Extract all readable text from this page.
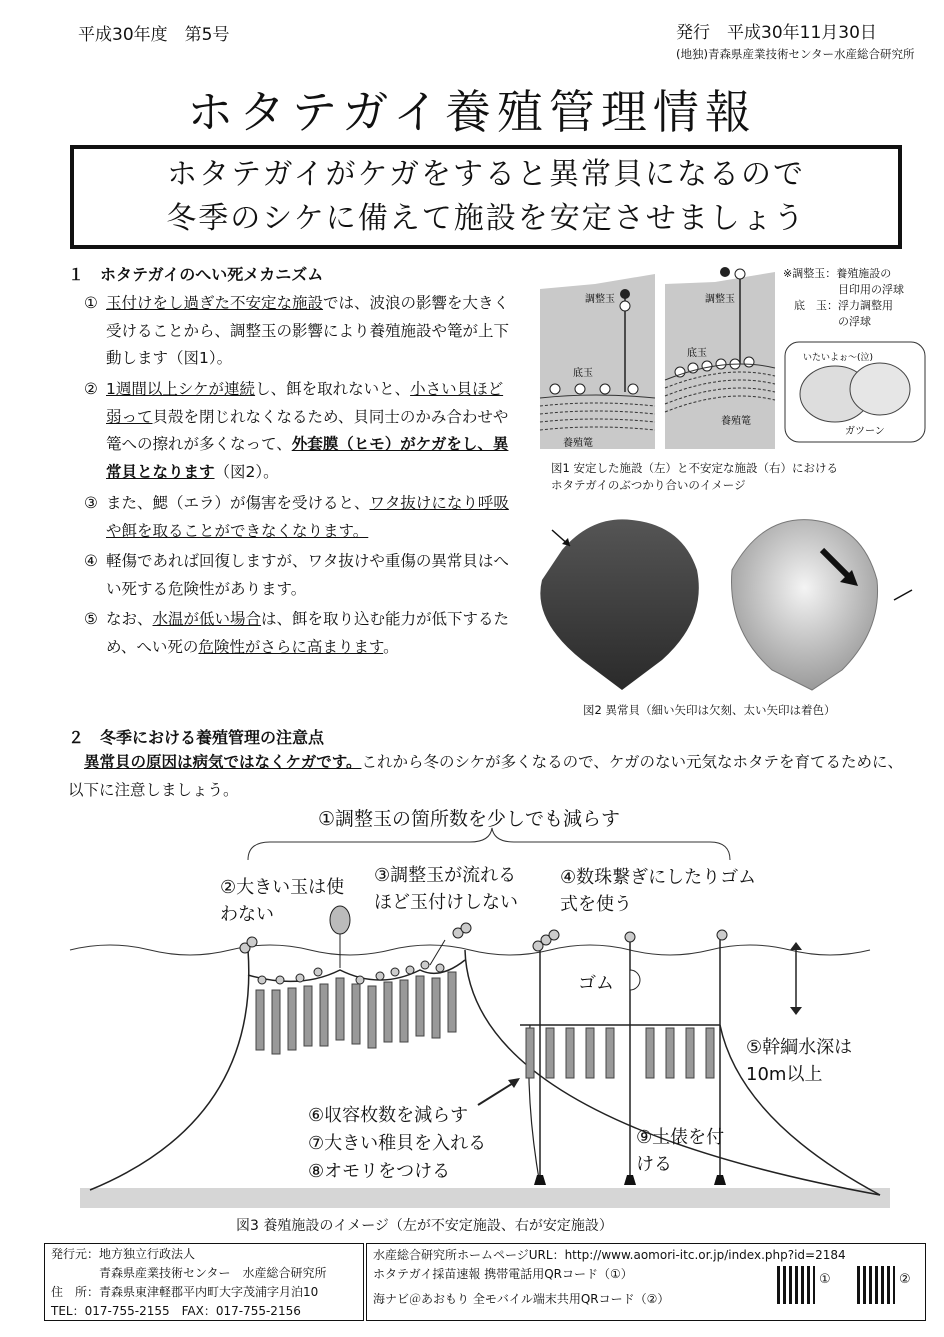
平成30年度　第5号	発行　平成30年11月30日
(地独)青森県産業技術センター水産総合研究所
ホタテガイ養殖管理情報
ホタテガイがケガをすると異常貝になるので
冬季のシケに備えて施設を安定させましょう
１　ホタテガイのへい死メカニズム
① 玉付けをし過ぎた不安定な施設では、波浪の影響を大きく受けることから、調整玉の影響により養殖施設や篭が上下動します（図1）。
② 1週間以上シケが連続し、餌を取れないと、小さい貝ほど弱って貝殻を閉じれなくなるため、貝同士のかみ合わせや篭への擦れが多くなって、外套膜（ヒモ）がケガをし、異常貝となります（図2）。
③ また、鰓（エラ）が傷害を受けると、ワタ抜けになり呼吸や餌を取ることができなくなります。
④ 軽傷であれば回復しますが、ワタ抜けや重傷の異常貝はへい死する危険性があります。
⑤ なお、水温が低い場合は、餌を取り込む能力が低下するため、へい死の危険性がさらに高まります。
調整玉
底玉
養殖篭
調整玉
底玉
養殖篭
いたいよぉ～(泣)
ガツーン
※調整玉：養殖施設の
　　　　　目印用の浮球
　底　玉：浮力調整用
　　　　　の浮球
図1 安定した施設（左）と不安定な施設（右）における
ホタテガイのぶつかり合いのイメージ
図2 異常貝（細い矢印は欠刻、太い矢印は着色）
２　冬季における養殖管理の注意点
異常貝の原因は病気ではなくケガです。これから冬のシケが多くなるので、ケガのない元気なホタテを育てるために、以下に注意しましょう。
①調整玉の箇所数を少しでも減らす
②大きい玉は使わない
③調整玉が流れるほど玉付けしない
④数珠繋ぎにしたりゴム式を使う
ゴム
⑤幹綱水深は10m以上
⑥収容枚数を減らす
⑦大きい稚貝を入れる
⑧オモリをつける
⑨土俵を付ける
図3 養殖施設のイメージ（左が不安定施設、右が安定施設）
発行元：地方独立行政法人
　　　　青森県産業技術センター　水産総合研究所
住　所：青森県東津軽郡平内町大字茂浦字月泊10
TEL：017-755-2155　FAX：017-755-2156
水産総合研究所ホームページURL：http://www.aomori-itc.or.jp/index.php?id=2184
ホタテガイ採苗速報 携帯電話用QRコード（①）
海ナビ＠あおもり 全モバイル端末共用QRコード（②）
①	②
